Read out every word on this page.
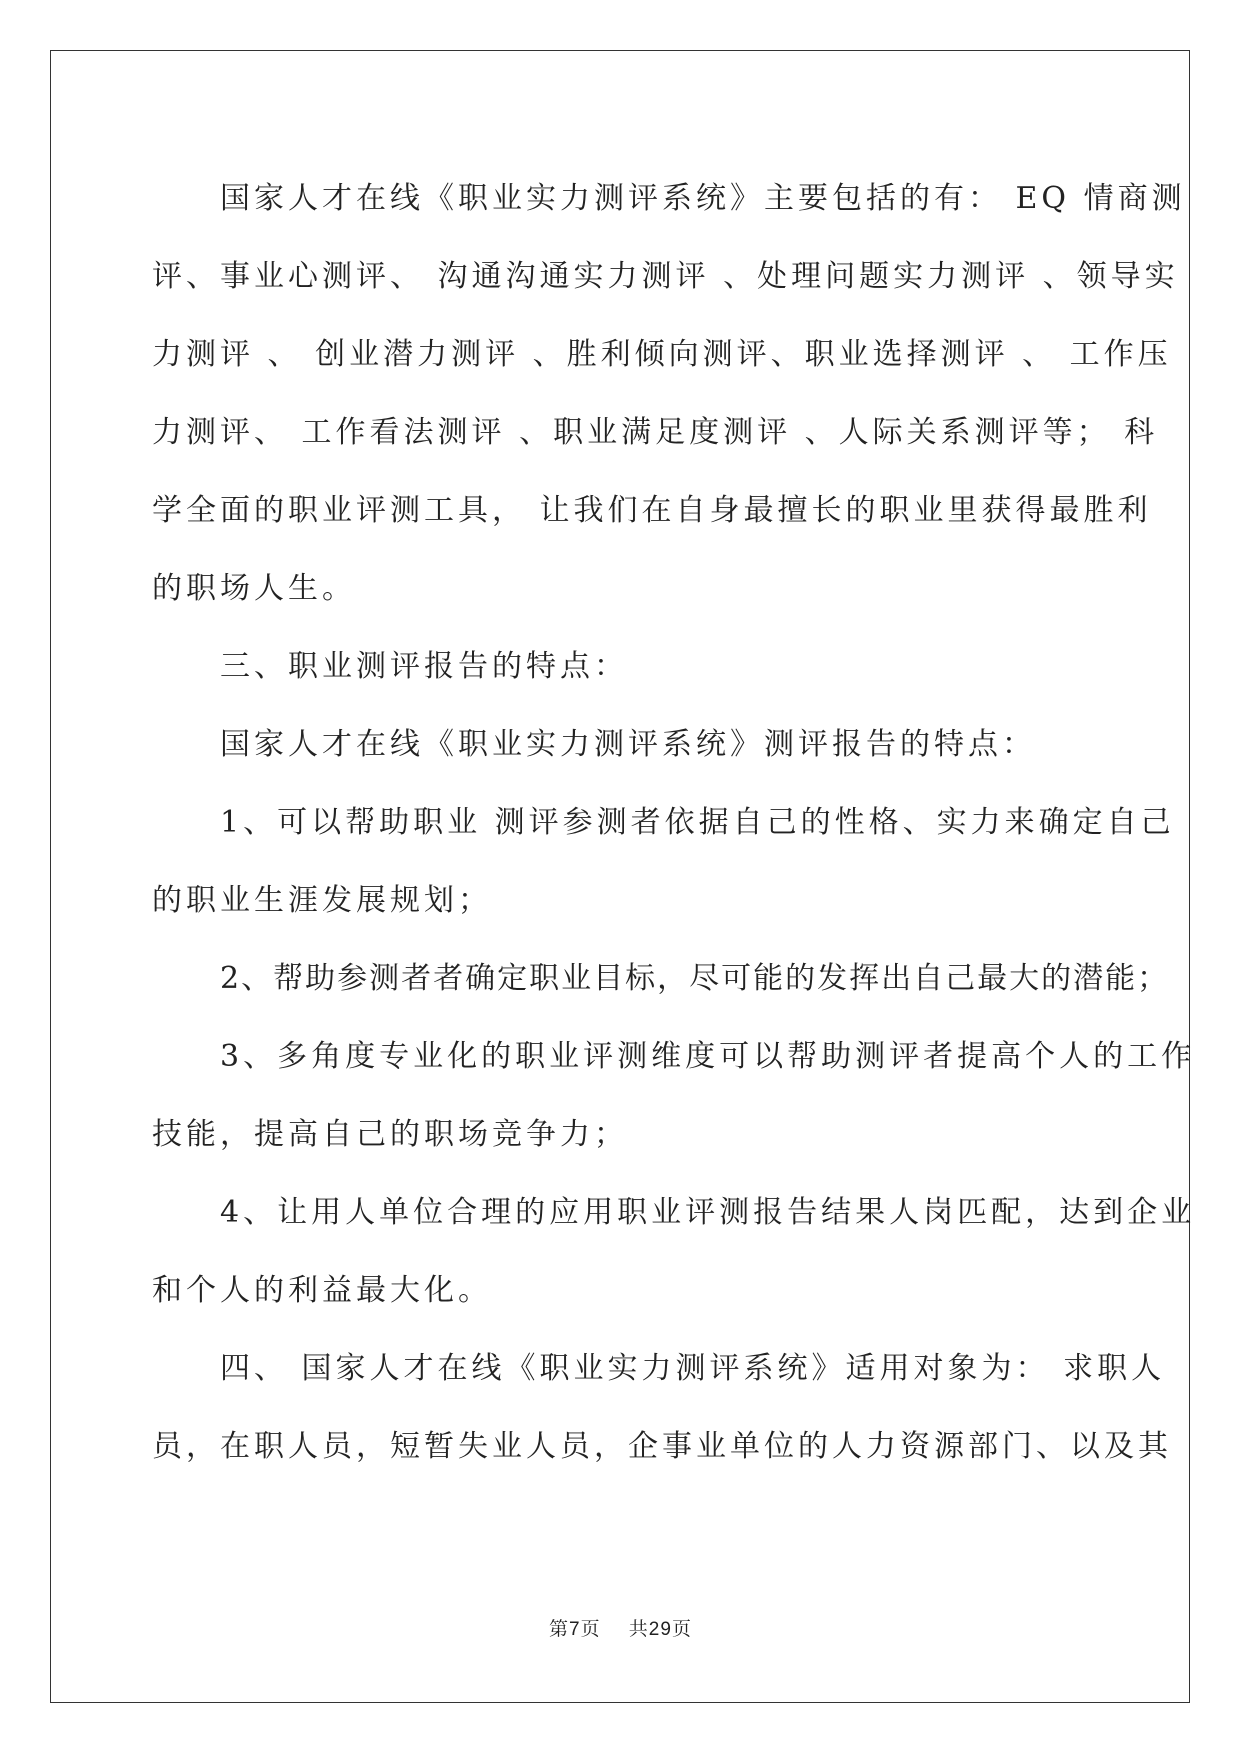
国家人才在线《职业实力测评系统》主要包括的有： EQ 情商测
评、事业心测评、 沟通沟通实力测评 、处理问题实力测评 、领导实
力测评 、 创业潜力测评 、胜利倾向测评、职业选择测评 、 工作压
力测评、 工作看法测评 、职业满足度测评 、人际关系测评等； 科
学全面的职业评测工具， 让我们在自身最擅长的职业里获得最胜利
的职场人生。
三、职业测评报告的特点：
国家人才在线《职业实力测评系统》测评报告的特点：
1、可以帮助职业 测评参测者依据自己的性格、实力来确定自己
的职业生涯发展规划；
2、帮助参测者者确定职业目标，尽可能的发挥出自己最大的潜能；
3、多角度专业化的职业评测维度可以帮助测评者提高个人的工作
技能，提高自己的职场竞争力；
4、让用人单位合理的应用职业评测报告结果人岗匹配，达到企业
和个人的利益最大化。
四、 国家人才在线《职业实力测评系统》适用对象为： 求职人
员，在职人员，短暂失业人员，企事业单位的人力资源部门、以及其
第7页    共29页
